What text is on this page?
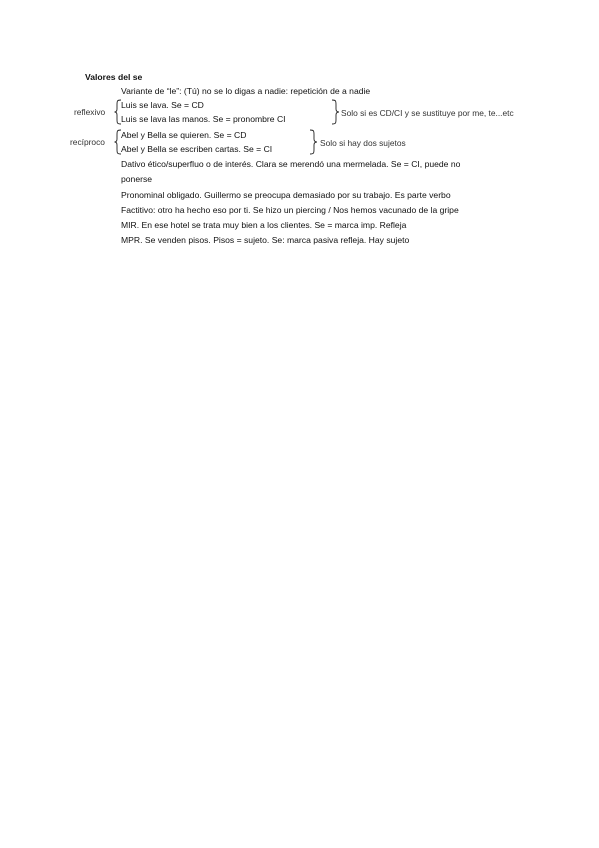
Valores del se
Variante de “le”: (Tú) no se lo digas a nadie: repetición de a nadie
reflexivo
Luis se lava. Se = CD
Luis se lava las manos. Se = pronombre CI
Solo si es CD/CI y se sustituye por me, te...etc
recíproco
Abel y Bella se quieren. Se = CD
Abel y Bella se escriben cartas. Se = CI
Solo si hay dos sujetos
Dativo ético/superfluo o de interés. Clara se merendó una mermelada. Se = CI, puede no
ponerse
Pronominal obligado. Guillermo se preocupa demasiado por su trabajo. Es parte verbo
Factitivo: otro ha hecho eso por ti. Se hizo un piercing / Nos hemos vacunado de la gripe
MIR. En ese hotel se trata muy bien a los clientes. Se = marca imp. Refleja
MPR. Se venden pisos. Pisos = sujeto. Se: marca pasiva refleja. Hay sujeto
